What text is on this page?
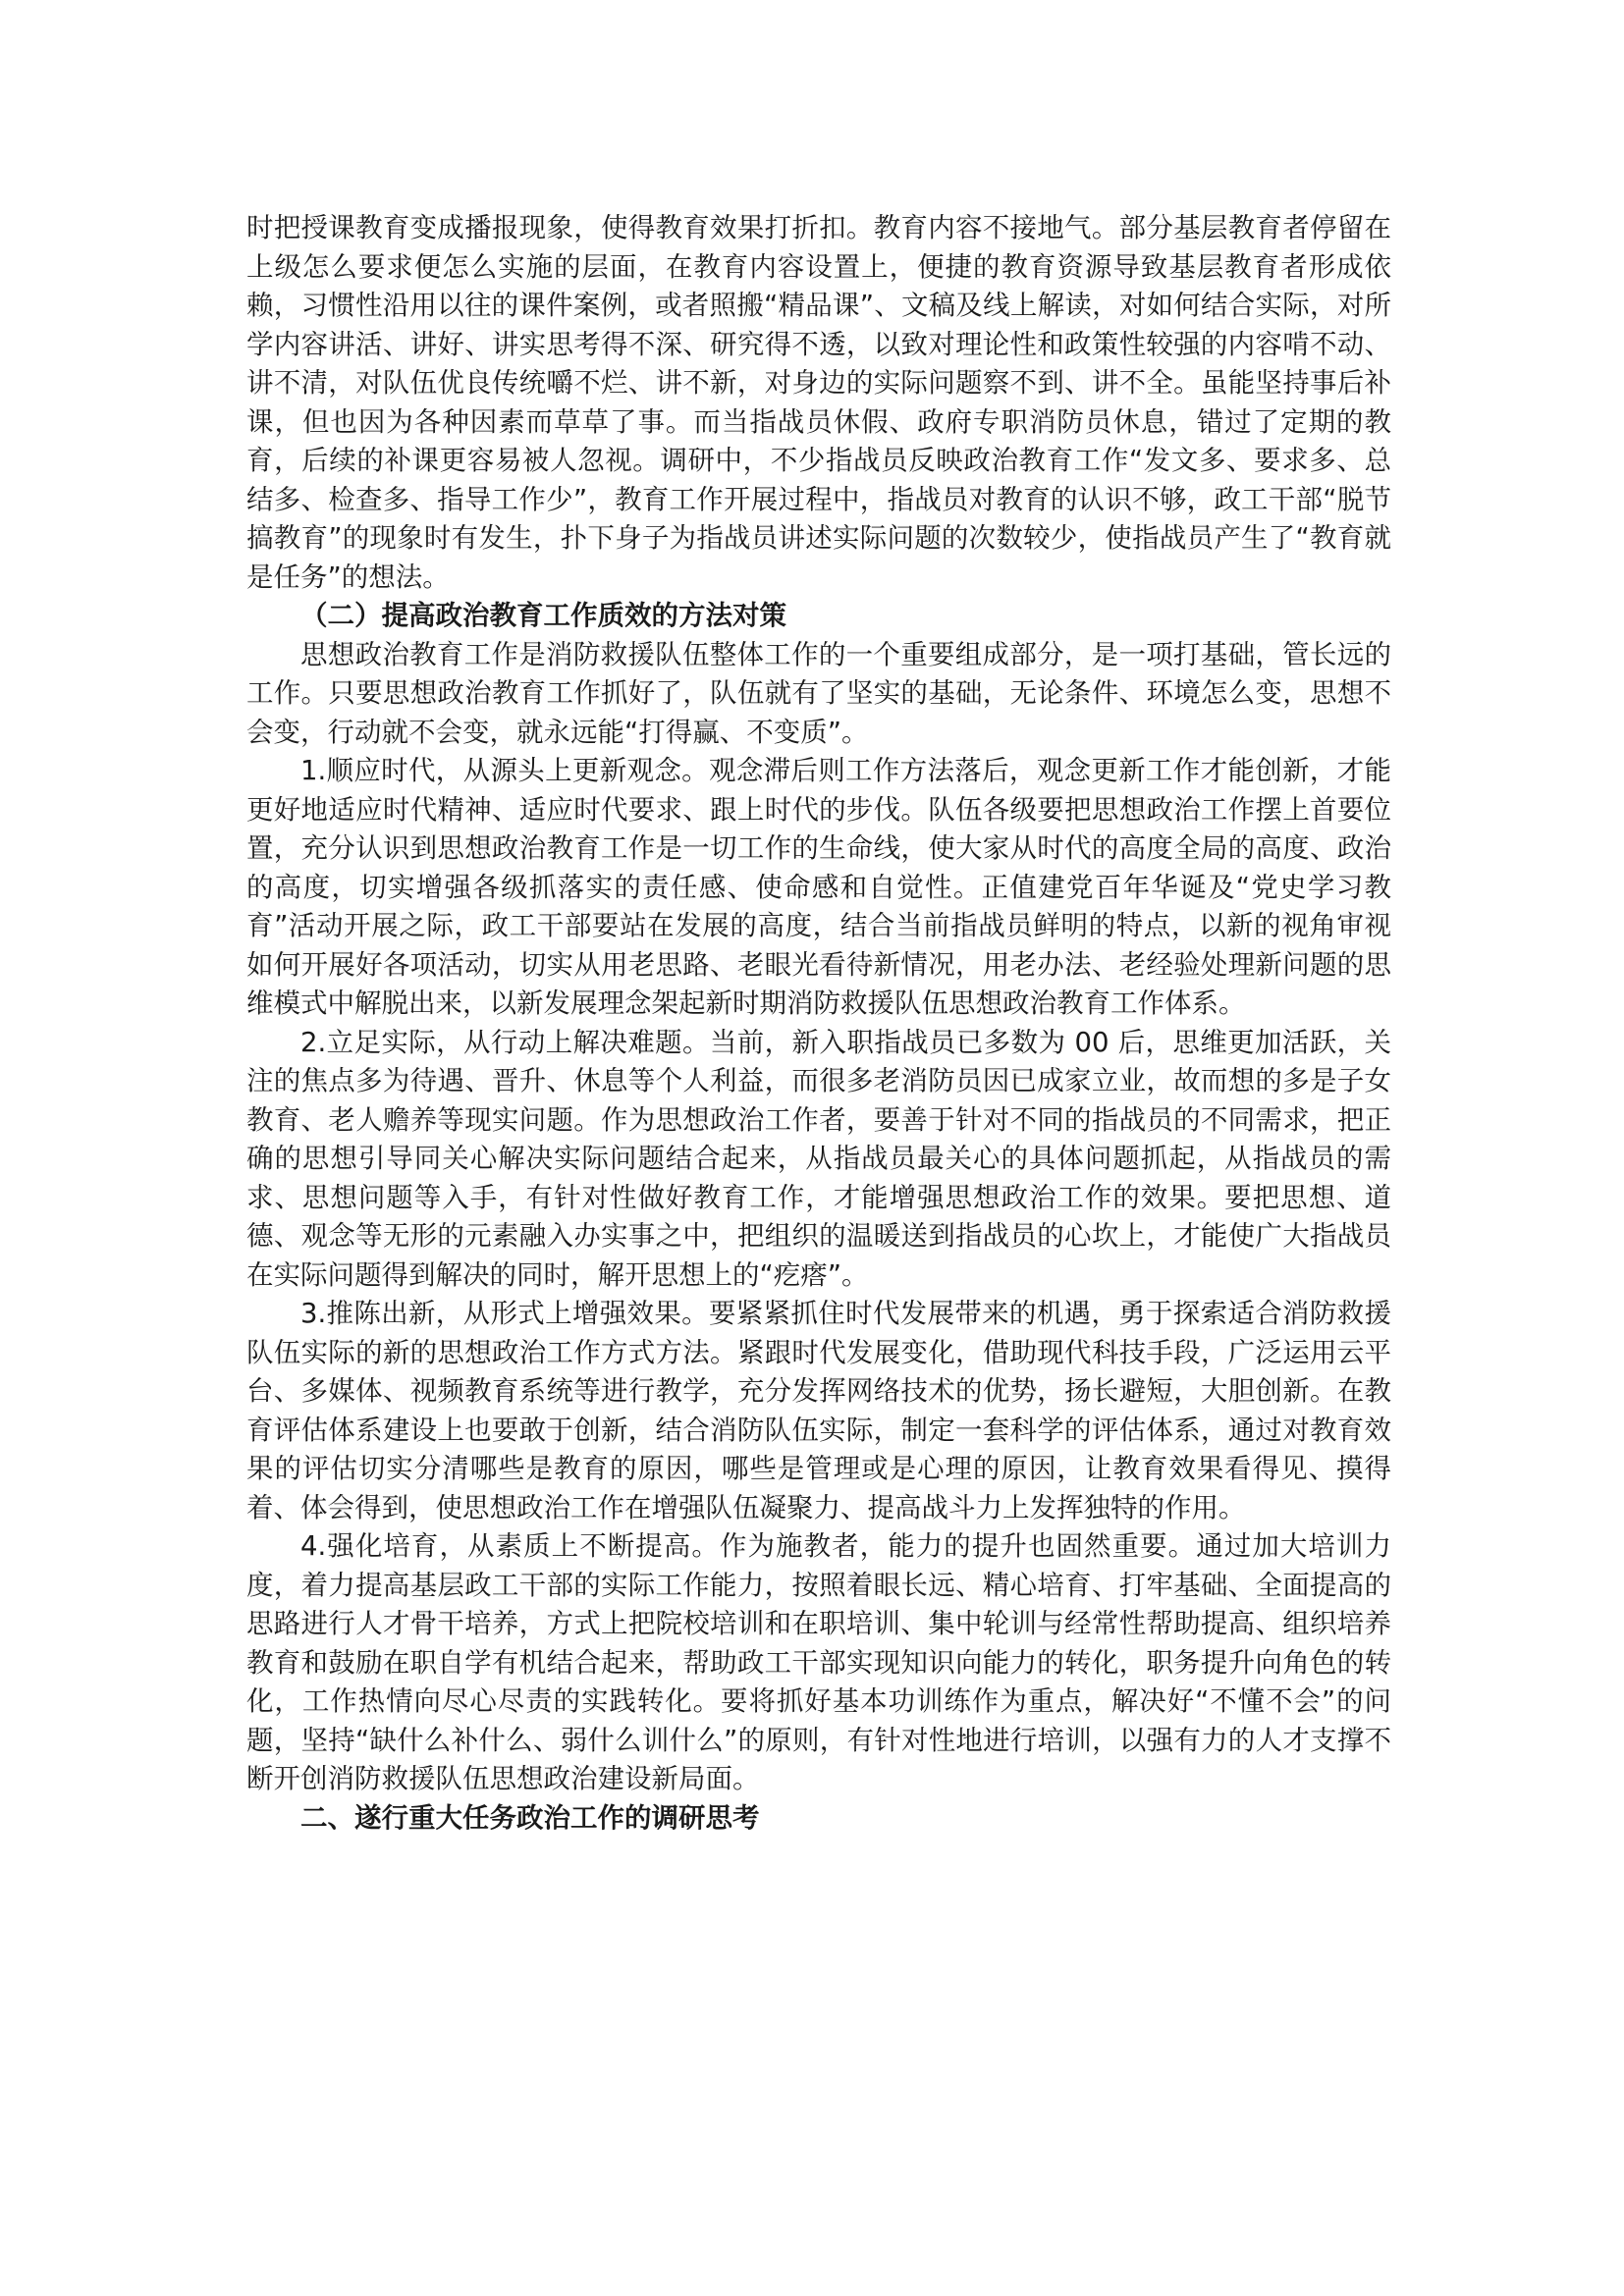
时把授课教育变成播报现象，使得教育效果打折扣。教育内容不接地气。部分基层教育者停留在上级怎么要求便怎么实施的层面，在教育内容设置上，便捷的教育资源导致基层教育者形成依赖，习惯性沿用以往的课件案例，或者照搬“精品课”、文稿及线上解读，对如何结合实际，对所学内容讲活、讲好、讲实思考得不深、研究得不透，以致对理论性和政策性较强的内容啃不动、讲不清，对队伍优良传统嚼不烂、讲不新，对身边的实际问题察不到、讲不全。虽能坚持事后补课，但也因为各种因素而草草了事。而当指战员休假、政府专职消防员休息，错过了定期的教育，后续的补课更容易被人忽视。调研中，不少指战员反映政治教育工作“发文多、要求多、总结多、检查多、指导工作少”，教育工作开展过程中，指战员对教育的认识不够，政工干部“脱节搞教育”的现象时有发生，扑下身子为指战员讲述实际问题的次数较少，使指战员产生了“教育就是任务”的想法。

（二）提高政治教育工作质效的方法对策

思想政治教育工作是消防救援队伍整体工作的一个重要组成部分，是一项打基础，管长远的工作。只要思想政治教育工作抓好了，队伍就有了坚实的基础，无论条件、环境怎么变，思想不会变，行动就不会变，就永远能“打得赢、不变质”。

1.顺应时代，从源头上更新观念。观念滞后则工作方法落后，观念更新工作才能创新，才能更好地适应时代精神、适应时代要求、跟上时代的步伐。队伍各级要把思想政治工作摆上首要位置，充分认识到思想政治教育工作是一切工作的生命线，使大家从时代的高度全局的高度、政治的高度，切实增强各级抓落实的责任感、使命感和自觉性。正值建党百年华诞及“党史学习教育”活动开展之际，政工干部要站在发展的高度，结合当前指战员鲜明的特点，以新的视角审视如何开展好各项活动，切实从用老思路、老眼光看待新情况，用老办法、老经验处理新问题的思维模式中解脱出来，以新发展理念架起新时期消防救援队伍思想政治教育工作体系。

2.立足实际，从行动上解决难题。当前，新入职指战员已多数为 00 后，思维更加活跃，关注的焦点多为待遇、晋升、休息等个人利益，而很多老消防员因已成家立业，故而想的多是子女教育、老人赡养等现实问题。作为思想政治工作者，要善于针对不同的指战员的不同需求，把正确的思想引导同关心解决实际问题结合起来，从指战员最关心的具体问题抓起，从指战员的需求、思想问题等入手，有针对性做好教育工作，才能增强思想政治工作的效果。要把思想、道德、观念等无形的元素融入办实事之中，把组织的温暖送到指战员的心坎上，才能使广大指战员在实际问题得到解决的同时，解开思想上的“疙瘩”。

3.推陈出新，从形式上增强效果。要紧紧抓住时代发展带来的机遇，勇于探索适合消防救援队伍实际的新的思想政治工作方式方法。紧跟时代发展变化，借助现代科技手段，广泛运用云平台、多媒体、视频教育系统等进行教学，充分发挥网络技术的优势，扬长避短，大胆创新。在教育评估体系建设上也要敢于创新，结合消防队伍实际，制定一套科学的评估体系，通过对教育效果的评估切实分清哪些是教育的原因，哪些是管理或是心理的原因，让教育效果看得见、摸得着、体会得到，使思想政治工作在增强队伍凝聚力、提高战斗力上发挥独特的作用。

4.强化培育，从素质上不断提高。作为施教者，能力的提升也固然重要。通过加大培训力度，着力提高基层政工干部的实际工作能力，按照着眼长远、精心培育、打牢基础、全面提高的思路进行人才骨干培养，方式上把院校培训和在职培训、集中轮训与经常性帮助提高、组织培养教育和鼓励在职自学有机结合起来，帮助政工干部实现知识向能力的转化，职务提升向角色的转化，工作热情向尽心尽责的实践转化。要将抓好基本功训练作为重点，解决好“不懂不会”的问题，坚持“缺什么补什么、弱什么训什么”的原则，有针对性地进行培训，以强有力的人才支撑不断开创消防救援队伍思想政治建设新局面。

二、遂行重大任务政治工作的调研思考
